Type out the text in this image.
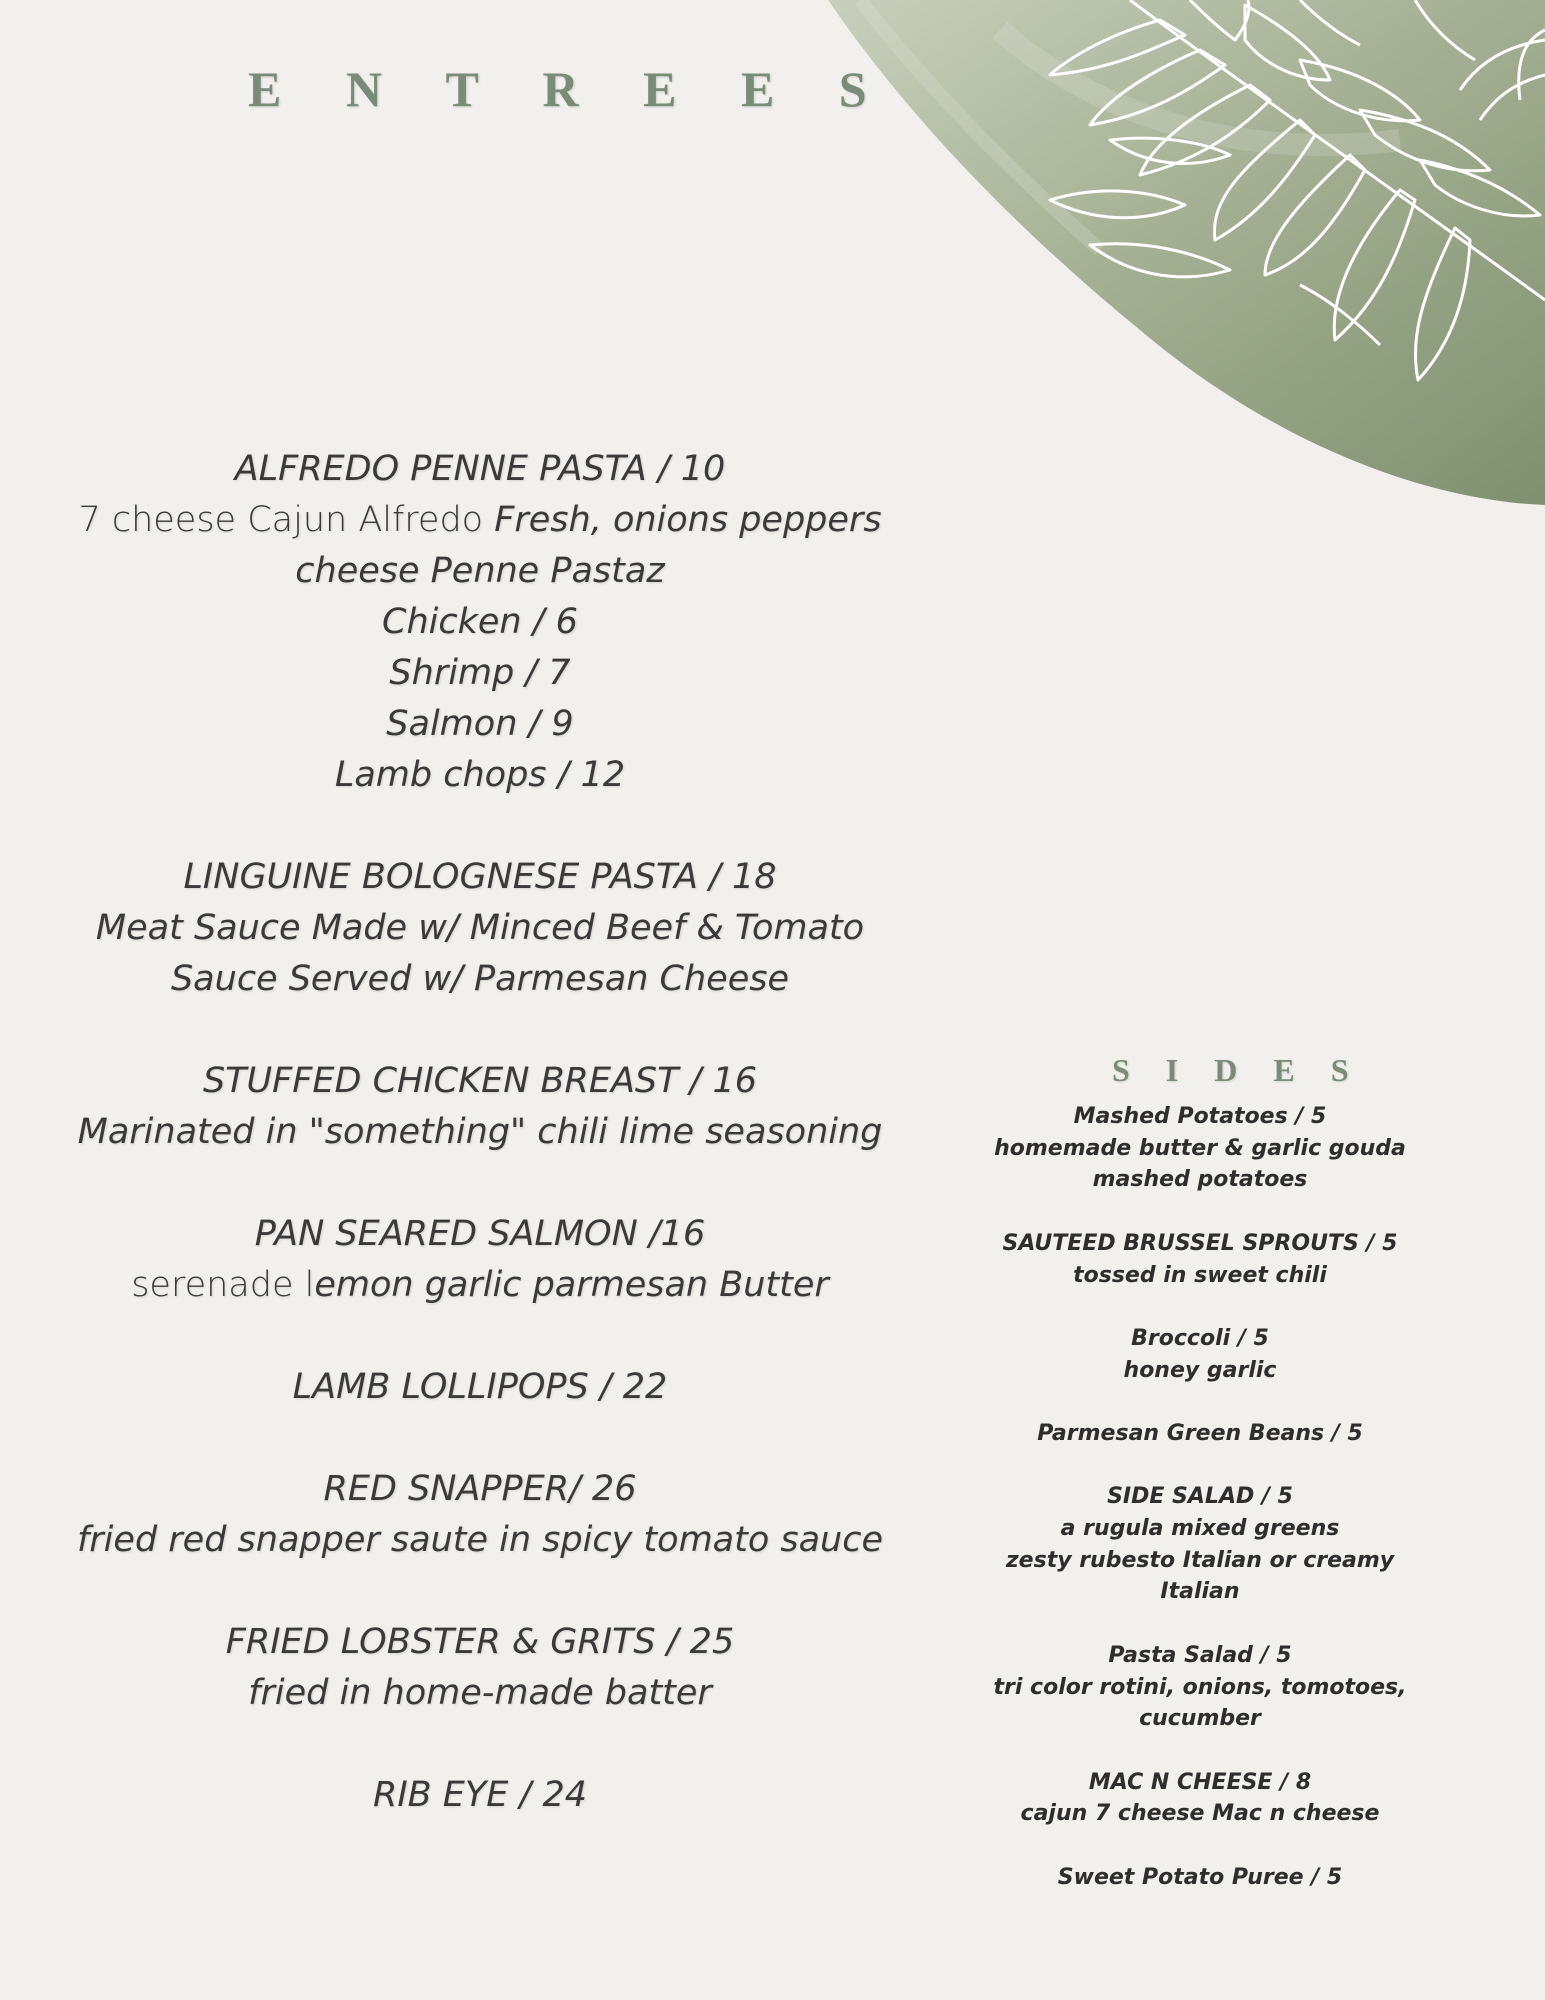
E N T R E E S
ALFREDO PENNE PASTA / 10
7 cheese Cajun Alfredo Fresh, onions peppers
cheese Penne Pastaz
Chicken / 6
Shrimp / 7
Salmon / 9
Lamb chops / 12
LINGUINE BOLOGNESE PASTA / 18
Meat Sauce Made w/ Minced Beef & Tomato
Sauce Served w/ Parmesan Cheese
STUFFED CHICKEN BREAST / 16
Marinated in "something" chili lime seasoning
PAN SEARED SALMON /16
serenade lemon garlic parmesan Butter
LAMB LOLLIPOPS / 22
RED SNAPPER/ 26
fried red snapper saute in spicy tomato sauce
FRIED LOBSTER & GRITS / 25
fried in home-made batter
RIB EYE / 24
S I D E S
Mashed Potatoes / 5
homemade butter & garlic gouda
mashed potatoes
SAUTEED BRUSSEL SPROUTS / 5
tossed in sweet chili
Broccoli / 5
honey garlic
Parmesan Green Beans / 5
SIDE SALAD / 5
a rugula mixed greens
zesty rubesto Italian or creamy
Italian
Pasta Salad / 5
tri color rotini, onions, tomotoes,
cucumber
MAC N CHEESE / 8
cajun 7 cheese Mac n cheese
Sweet Potato Puree / 5
